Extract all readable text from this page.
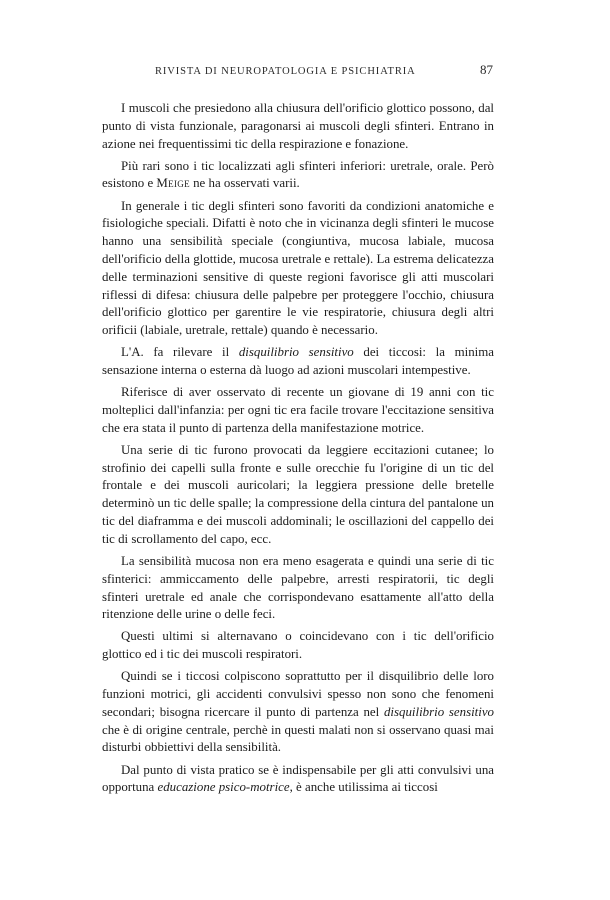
RIVISTA DI NEUROPATOLOGIA E PSICHIATRIA	87

I muscoli che presiedono alla chiusura dell'orificio glottico possono, dal punto di vista funzionale, paragonarsi ai muscoli degli sfinteri. Entrano in azione nei frequentissimi tic della respirazione e fonazione.

Più rari sono i tic localizzati agli sfinteri inferiori: uretrale, orale. Però esistono e Meige ne ha osservati varii.

In generale i tic degli sfinteri sono favoriti da condizioni anatomiche e fisiologiche speciali. Difatti è noto che in vicinanza degli sfinteri le mucose hanno una sensibilità speciale (congiuntiva, mucosa labiale, mucosa dell'orificio della glottide, mucosa uretrale e rettale). La estrema delicatezza delle terminazioni sensitive di queste regioni favorisce gli atti muscolari riflessi di difesa: chiusura delle palpebre per proteggere l'occhio, chiusura dell'orificio glottico per garentire le vie respiratorie, chiusura degli altri orificii (labiale, uretrale, rettale) quando è necessario.

L'A. fa rilevare il disquilibrio sensitivo dei ticcosi: la minima sensazione interna o esterna dà luogo ad azioni muscolari intempestive.

Riferisce di aver osservato di recente un giovane di 19 anni con tic molteplici dall'infanzia: per ogni tic era facile trovare l'eccitazione sensitiva che era stata il punto di partenza della manifestazione motrice.

Una serie di tic furono provocati da leggiere eccitazioni cutanee; lo strofinio dei capelli sulla fronte e sulle orecchie fu l'origine di un tic del frontale e dei muscoli auricolari; la leggiera pressione delle bretelle determinò un tic delle spalle; la compressione della cintura del pantalone un tic del diaframma e dei muscoli addominali; le oscillazioni del cappello dei tic di scrollamento del capo, ecc.

La sensibilità mucosa non era meno esagerata e quindi una serie di tic sfinterici: ammiccamento delle palpebre, arresti respiratorii, tic degli sfinteri uretrale ed anale che corrispondevano esattamente all'atto della ritenzione delle urine o delle feci.

Questi ultimi si alternavano o coincidevano con i tic dell'orificio glottico ed i tic dei muscoli respiratori.

Quindi se i ticcosi colpiscono soprattutto per il disquilibrio delle loro funzioni motrici, gli accidenti convulsivi spesso non sono che fenomeni secondari; bisogna ricercare il punto di partenza nel disquilibrio sensitivo che è di origine centrale, perchè in questi malati non si osservano quasi mai disturbi obbiettivi della sensibilità.

Dal punto di vista pratico se è indispensabile per gli atti convulsivi una opportuna educazione psico-motrice, è anche utilissima ai ticcosi
